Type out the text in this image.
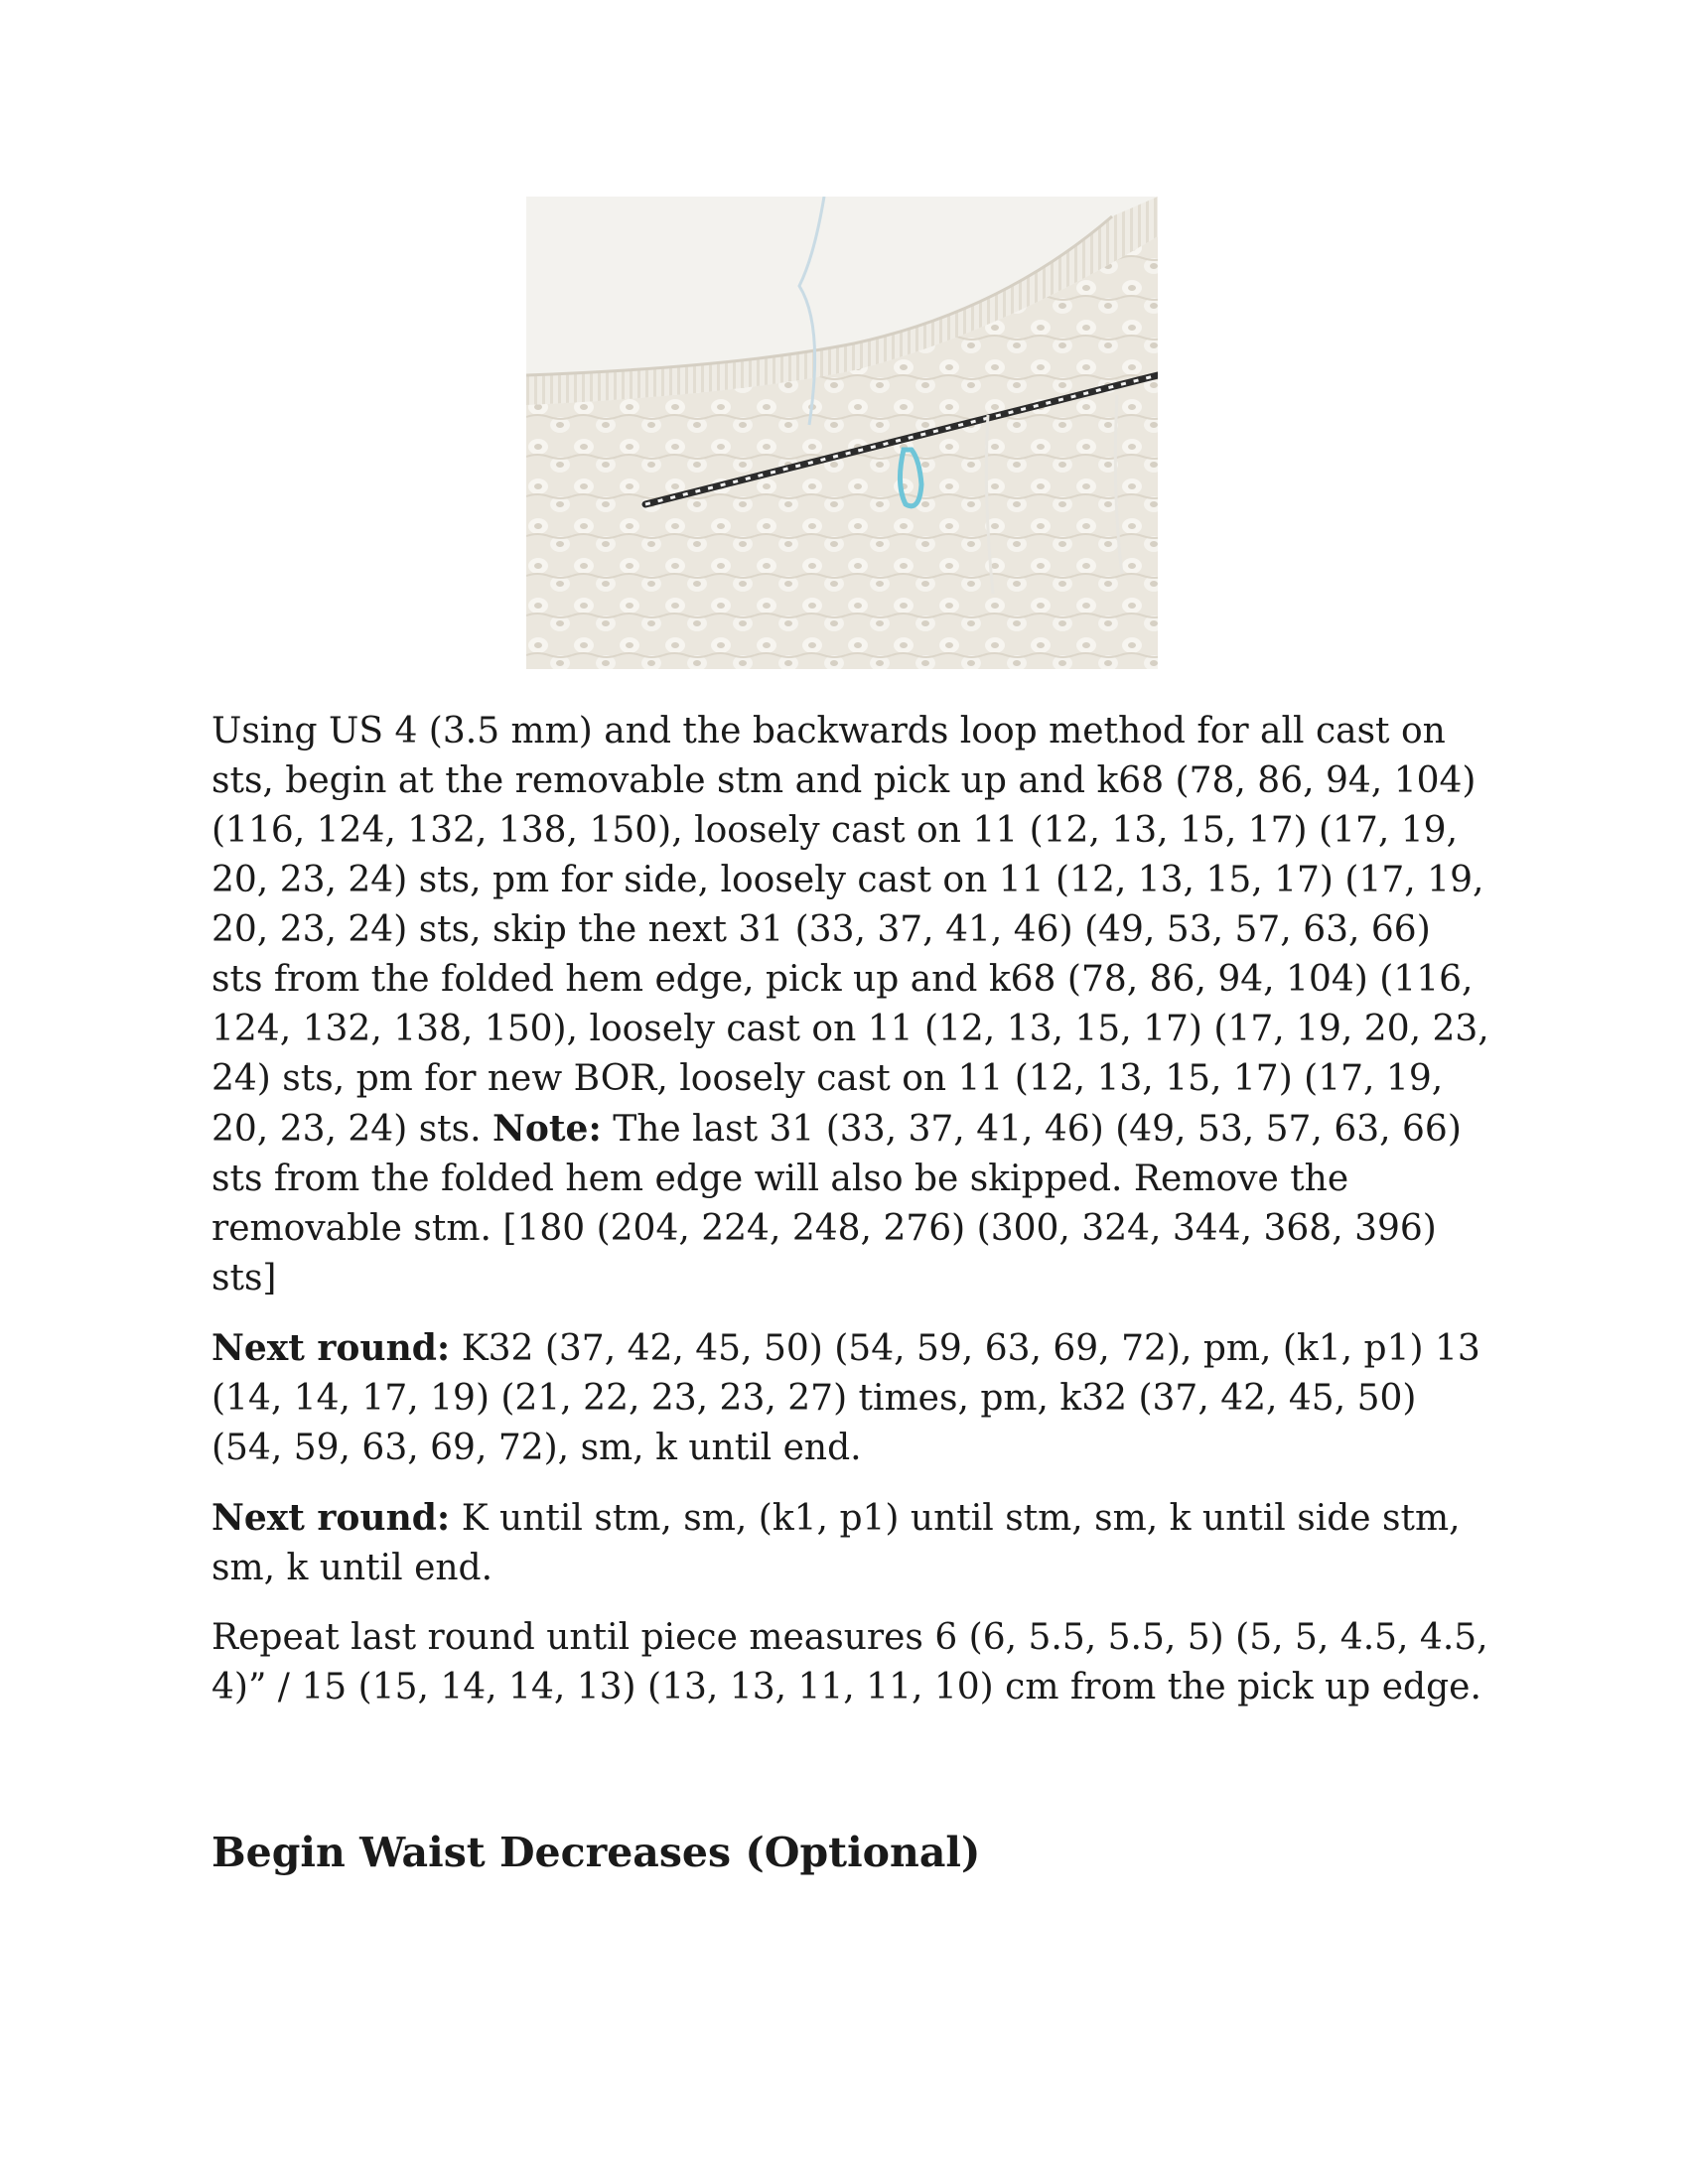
Using US 4 (3.5 mm) and the backwards loop method for all cast on sts, begin at the removable stm and pick up and k68 (78, 86, 94, 104) (116, 124, 132, 138, 150), loosely cast on 11 (12, 13, 15, 17) (17, 19, 20, 23, 24) sts, pm for side, loosely cast on 11 (12, 13, 15, 17) (17, 19, 20, 23, 24) sts, skip the next 31 (33, 37, 41, 46) (49, 53, 57, 63, 66) sts from the folded hem edge, pick up and k68 (78, 86, 94, 104) (116, 124, 132, 138, 150), loosely cast on 11 (12, 13, 15, 17) (17, 19, 20, 23, 24) sts, pm for new BOR, loosely cast on 11 (12, 13, 15, 17) (17, 19, 20, 23, 24) sts. Note: The last 31 (33, 37, 41, 46) (49, 53, 57, 63, 66) sts from the folded hem edge will also be skipped. Remove the removable stm. [180 (204, 224, 248, 276) (300, 324, 344, 368, 396) sts]

Next round: K32 (37, 42, 45, 50) (54, 59, 63, 69, 72), pm, (k1, p1) 13 (14, 14, 17, 19) (21, 22, 23, 23, 27) times, pm, k32 (37, 42, 45, 50) (54, 59, 63, 69, 72), sm, k until end.

Next round: K until stm, sm, (k1, p1) until stm, sm, k until side stm, sm, k until end.

Repeat last round until piece measures 6 (6, 5.5, 5.5, 5) (5, 5, 4.5, 4.5, 4)” / 15 (15, 14, 14, 13) (13, 13, 11, 11, 10) cm from the pick up edge.

Begin Waist Decreases (Optional)
